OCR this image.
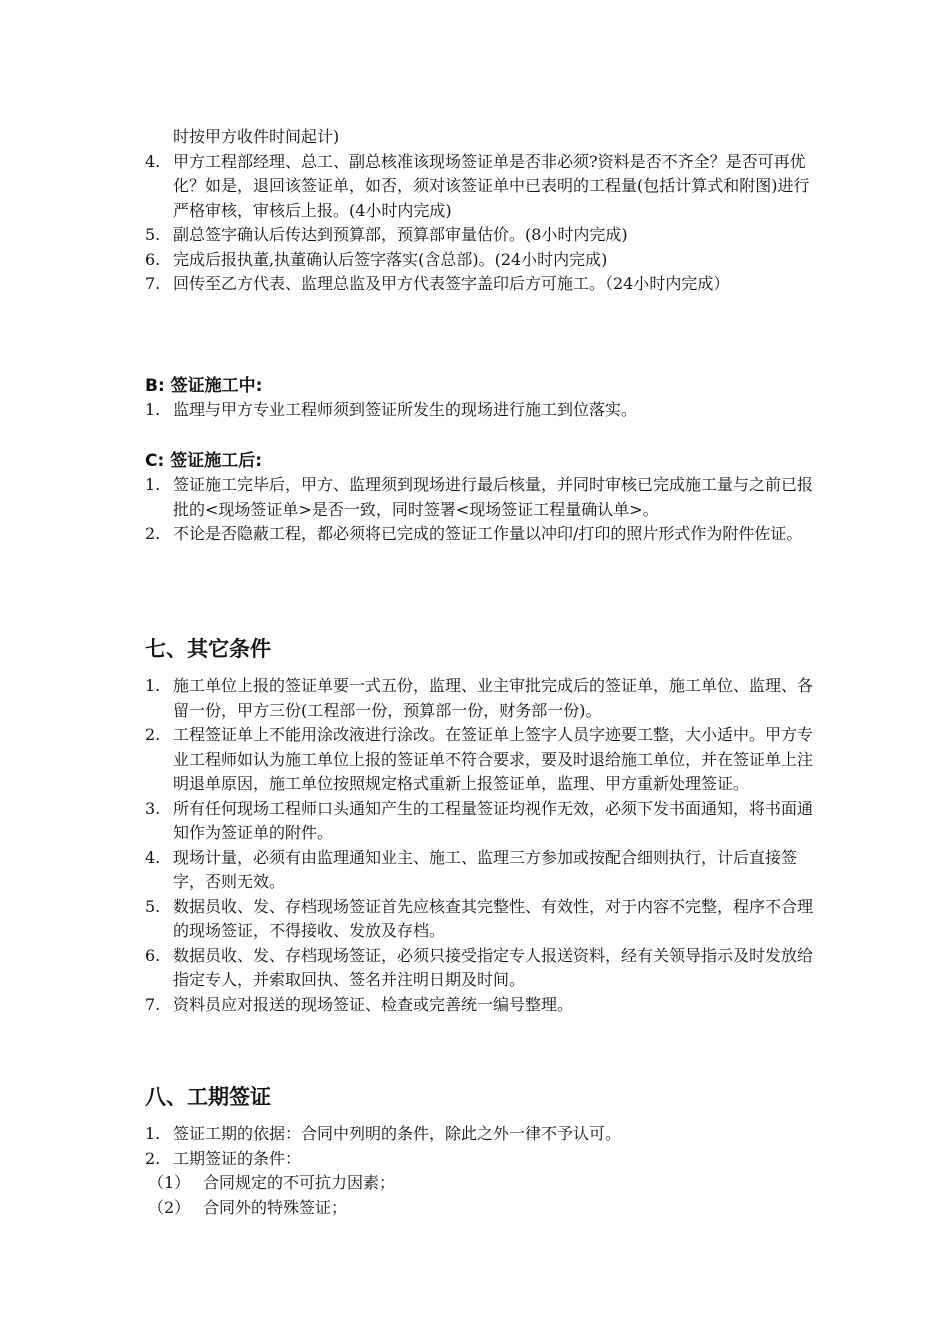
时按甲方收件时间起计)
4. 甲方工程部经理、总工、副总核准该现场签证单是否非必须?资料是否不齐全？是否可再优化？如是，退回该签证单，如否，须对该签证单中已表明的工程量(包括计算式和附图)进行严格审核，审核后上报。(4小时内完成)
5. 副总签字确认后传达到预算部，预算部审量估价。(8小时内完成)
6. 完成后报执董,执董确认后签字落实(含总部)。(24小时内完成)
7. 回传至乙方代表、监理总监及甲方代表签字盖印后方可施工。（24小时内完成）
B: 签证施工中:
1. 监理与甲方专业工程师须到签证所发生的现场进行施工到位落实。
C: 签证施工后:
1. 签证施工完毕后，甲方、监理须到现场进行最后核量，并同时审核已完成施工量与之前已报批的<现场签证单>是否一致，同时签署<现场签证工程量确认单>。
2. 不论是否隐蔽工程，都必须将已完成的签证工作量以冲印/打印的照片形式作为附件佐证。
七、其它条件
1. 施工单位上报的签证单要一式五份，监理、业主审批完成后的签证单，施工单位、监理、各留一份，甲方三份(工程部一份，预算部一份，财务部一份)。
2. 工程签证单上不能用涂改液进行涂改。在签证单上签字人员字迹要工整，大小适中。甲方专业工程师如认为施工单位上报的签证单不符合要求，要及时退给施工单位，并在签证单上注明退单原因，施工单位按照规定格式重新上报签证单，监理、甲方重新处理签证。
3. 所有任何现场工程师口头通知产生的工程量签证均视作无效，必须下发书面通知，将书面通知作为签证单的附件。
4. 现场计量，必须有由监理通知业主、施工、监理三方参加或按配合细则执行，计后直接签字，否则无效。
5. 数据员收、发、存档现场签证首先应核查其完整性、有效性，对于内容不完整，程序不合理的现场签证，不得接收、发放及存档。
6. 数据员收、发、存档现场签证，必须只接受指定专人报送资料，经有关领导指示及时发放给指定专人，并索取回执、签名并注明日期及时间。
7. 资料员应对报送的现场签证、检查或完善统一编号整理。
八、工期签证
1. 签证工期的依据：合同中列明的条件，除此之外一律不予认可。
2. 工期签证的条件：
（1） 合同规定的不可抗力因素；
（2） 合同外的特殊签证；
